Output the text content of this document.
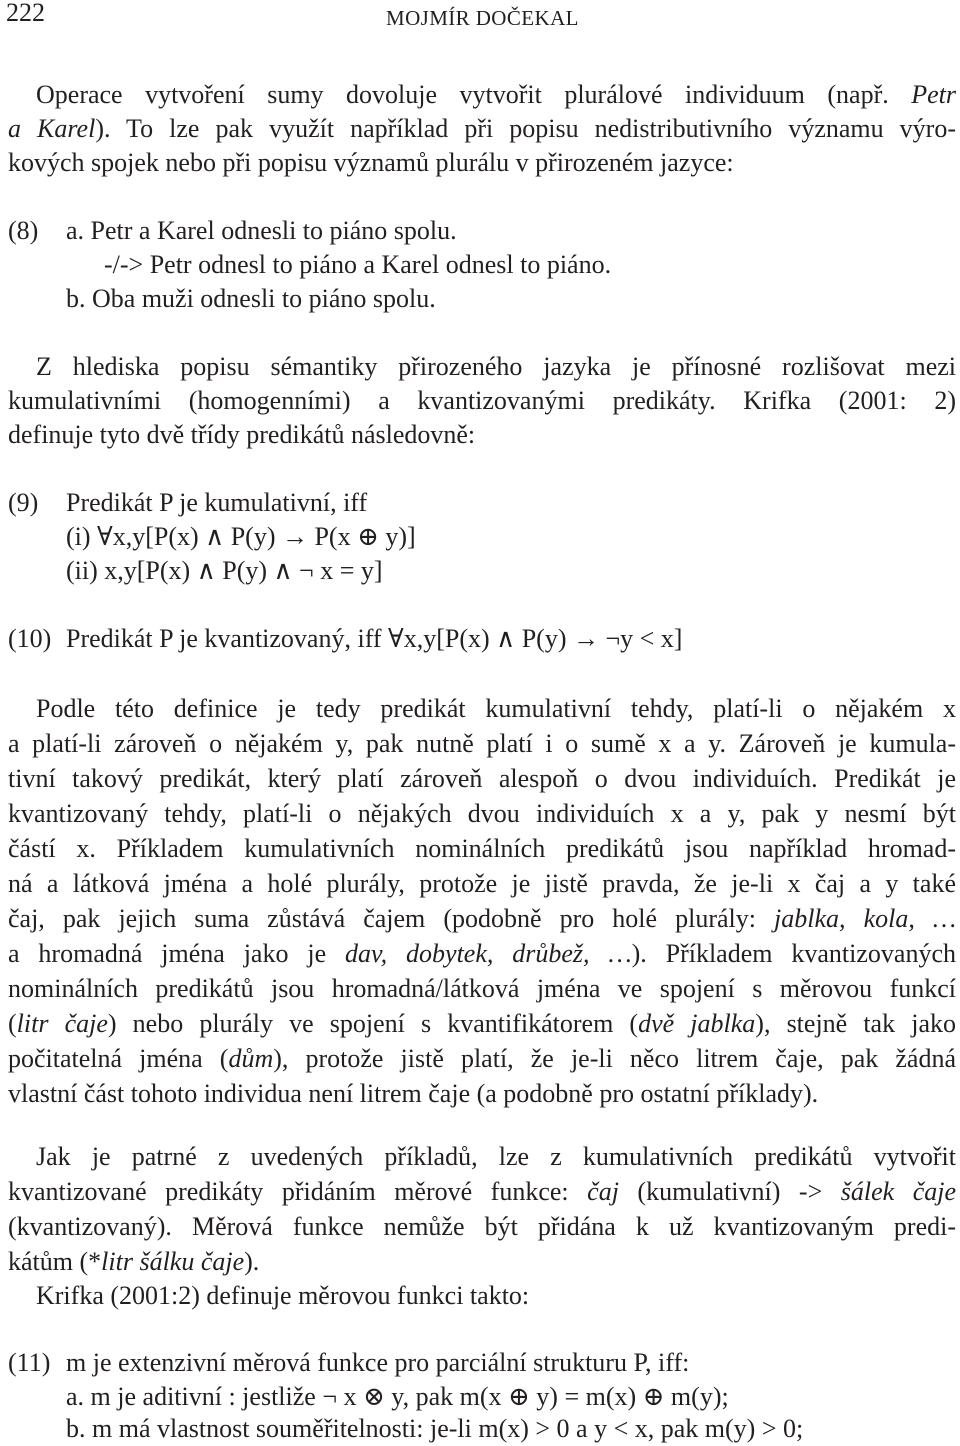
222	MOJMÍR DOČEKAL
Operace vytvoření sumy dovoluje vytvořit plurálové individuum (např. Petr
a Karel). To lze pak využít například při popisu nedistributivního významu výro-
kových spojek nebo při popisu významů plurálu v přirozeném jazyce:
(8)	a. Petr a Karel odnesli to piáno spolu.
-/-> Petr odnesl to piáno a Karel odnesl to piáno.
b. Oba muži odnesli to piáno spolu.
Z hlediska popisu sémantiky přirozeného jazyka je přínosné rozlišovat mezi
kumulativními (homogenními) a kvantizovanými predikáty. Krifka (2001: 2)
definuje tyto dvě třídy predikátů následovně:
(9)	Predikát P je kumulativní, iff
(i) ∀x,y[P(x) ∧ P(y) → P(x ⊕ y)]
(ii) x,y[P(x) ∧ P(y) ∧ ¬ x = y]
(10) Predikát P je kvantizovaný, iff ∀x,y[P(x) ∧ P(y) → ¬y < x]
Podle této definice je tedy predikát kumulativní tehdy, platí-li o nějakém x
a platí-li zároveň o nějakém y, pak nutně platí i o sumě x a y. Zároveň je kumula-
tivní takový predikát, který platí zároveň alespoň o dvou individuích. Predikát je
kvantizovaný tehdy, platí-li o nějakých dvou individuích x a y, pak y nesmí být
částí x. Příkladem kumulativních nominálních predikátů jsou například hromad-
ná a látková jména a holé plurály, protože je jistě pravda, že je-li x čaj a y také
čaj, pak jejich suma zůstává čajem (podobně pro holé plurály: jablka, kola, …
a hromadná jména jako je dav, dobytek, drůbež, …). Příkladem kvantizovaných
nominálních predikátů jsou hromadná/látková jména ve spojení s měrovou funkcí
(litr čaje) nebo plurály ve spojení s kvantifikátorem (dvě jablka), stejně tak jako
počitatelná jména (dům), protože jistě platí, že je-li něco litrem čaje, pak žádná
vlastní část tohoto individua není litrem čaje (a podobně pro ostatní příklady).
Jak je patrné z uvedených příkladů, lze z kumulativních predikátů vytvořit
kvantizované predikáty přidáním měrové funkce: čaj (kumulativní) -> šálek čaje
(kvantizovaný). Měrová funkce nemůže být přidána k už kvantizovaným predi-
kátům (*litr šálku čaje).
Krifka (2001:2) definuje měrovou funkci takto:
(11) m je extenzivní měrová funkce pro parciální strukturu P, iff:
a. m je aditivní : jestliže ¬ x ⊗ y, pak m(x ⊕ y) = m(x) ⊕ m(y);
b. m má vlastnost souměřitelnosti: je-li m(x) > 0 a y < x, pak m(y) > 0;
